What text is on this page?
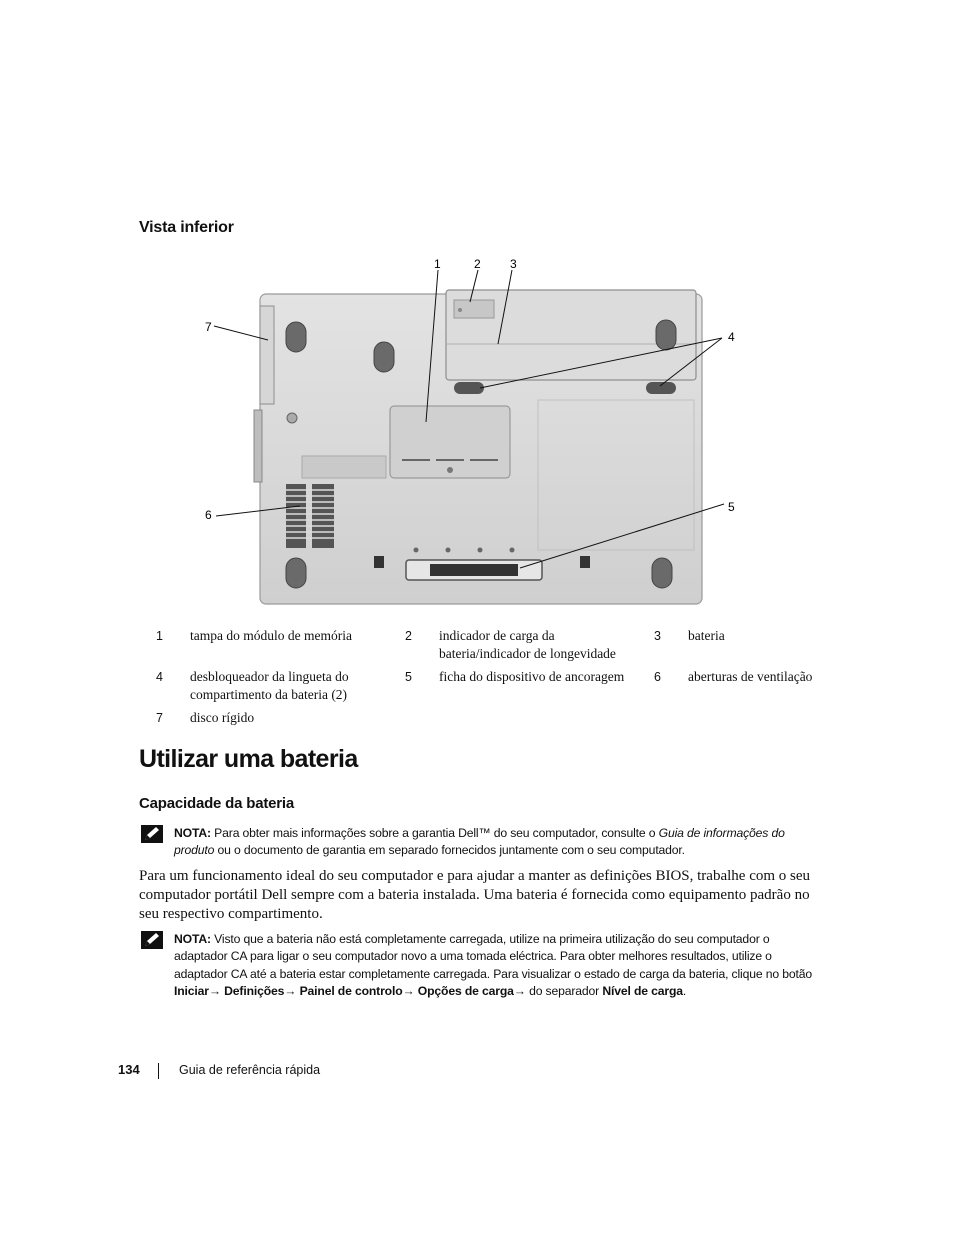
Vista inferior
1	2 3
4
5
6
7
1	tampa do módulo de memória	2	indicador de carga da bateria/indicador de longevidade	3	bateria
4	desbloqueador da lingueta do compartimento da bateria (2)	5	ficha do dispositivo de ancoragem	6	aberturas de ventilação
7	disco rígido				
Utilizar uma bateria
Capacidade da bateria
NOTA: Para obter mais informações sobre a garantia Dell™ do seu computador, consulte o Guia de informações do produto ou o documento de garantia em separado fornecidos juntamente com o seu computador.
Para um funcionamento ideal do seu computador e para ajudar a manter as definições BIOS, trabalhe com o seu computador portátil Dell sempre com a bateria instalada. Uma bateria é fornecida como equipamento padrão no seu respectivo compartimento.
NOTA: Visto que a bateria não está completamente carregada, utilize na primeira utilização do seu computador o adaptador CA para ligar o seu computador novo a uma tomada eléctrica. Para obter melhores resultados, utilize o adaptador CA até a bateria estar completamente carregada. Para visualizar o estado de carga da bateria, clique no botão Iniciar→ Definições→ Painel de controlo→ Opções de carga→ do separador Nível de carga.
134	Guia de referência rápida
